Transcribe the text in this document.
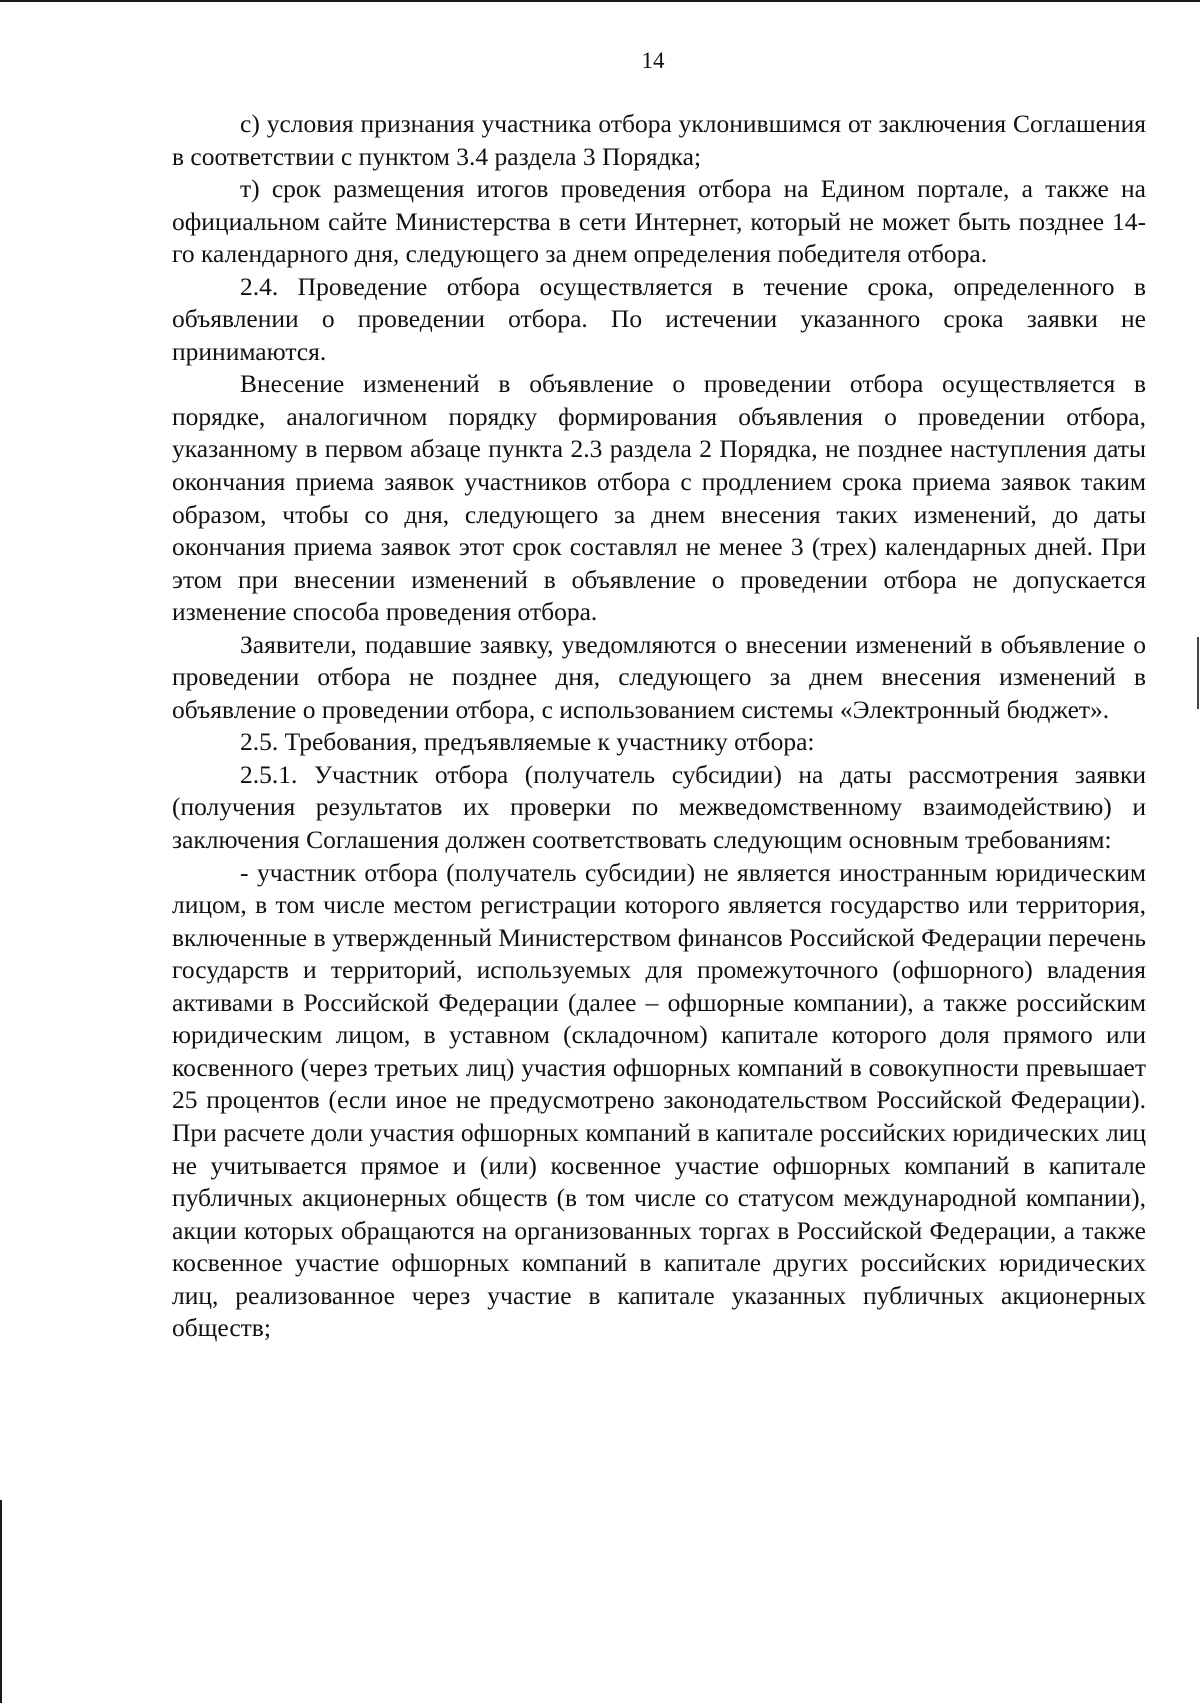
14

с) условия признания участника отбора уклонившимся от заключения Соглашения в соответствии с пунктом 3.4 раздела 3 Порядка;

т) срок размещения итогов проведения отбора на Едином портале, а также на официальном сайте Министерства в сети Интернет, который не может быть позднее 14-го календарного дня, следующего за днем определения победителя отбора.

2.4. Проведение отбора осуществляется в течение срока, определенного в объявлении о проведении отбора. По истечении указанного срока заявки не принимаются.

Внесение изменений в объявление о проведении отбора осуществляется в порядке, аналогичном порядку формирования объявления о проведении отбора, указанному в первом абзаце пункта 2.3 раздела 2 Порядка, не позднее наступления даты окончания приема заявок участников отбора с продлением срока приема заявок таким образом, чтобы со дня, следующего за днем внесения таких изменений, до даты окончания приема заявок этот срок составлял не менее 3 (трех) календарных дней. При этом при внесении изменений в объявление о проведении отбора не допускается изменение способа проведения отбора.

Заявители, подавшие заявку, уведомляются о внесении изменений в объявление о проведении отбора не позднее дня, следующего за днем внесения изменений в объявление о проведении отбора, с использованием системы «Электронный бюджет».

2.5. Требования, предъявляемые к участнику отбора:

2.5.1. Участник отбора (получатель субсидии) на даты рассмотрения заявки (получения результатов их проверки по межведомственному взаимодействию) и заключения Соглашения должен соответствовать следующим основным требованиям:

- участник отбора (получатель субсидии) не является иностранным юридическим лицом, в том числе местом регистрации которого является государство или территория, включенные в утвержденный Министерством финансов Российской Федерации перечень государств и территорий, используемых для промежуточного (офшорного) владения активами в Российской Федерации (далее – офшорные компании), а также российским юридическим лицом, в уставном (складочном) капитале которого доля прямого или косвенного (через третьих лиц) участия офшорных компаний в совокупности превышает 25 процентов (если иное не предусмотрено законодательством Российской Федерации). При расчете доли участия офшорных компаний в капитале российских юридических лиц не учитывается прямое и (или) косвенное участие офшорных компаний в капитале публичных акционерных обществ (в том числе со статусом международной компании), акции которых обращаются на организованных торгах в Российской Федерации, а также косвенное участие офшорных компаний в капитале других российских юридических лиц, реализованное через участие в капитале указанных публичных акционерных обществ;
